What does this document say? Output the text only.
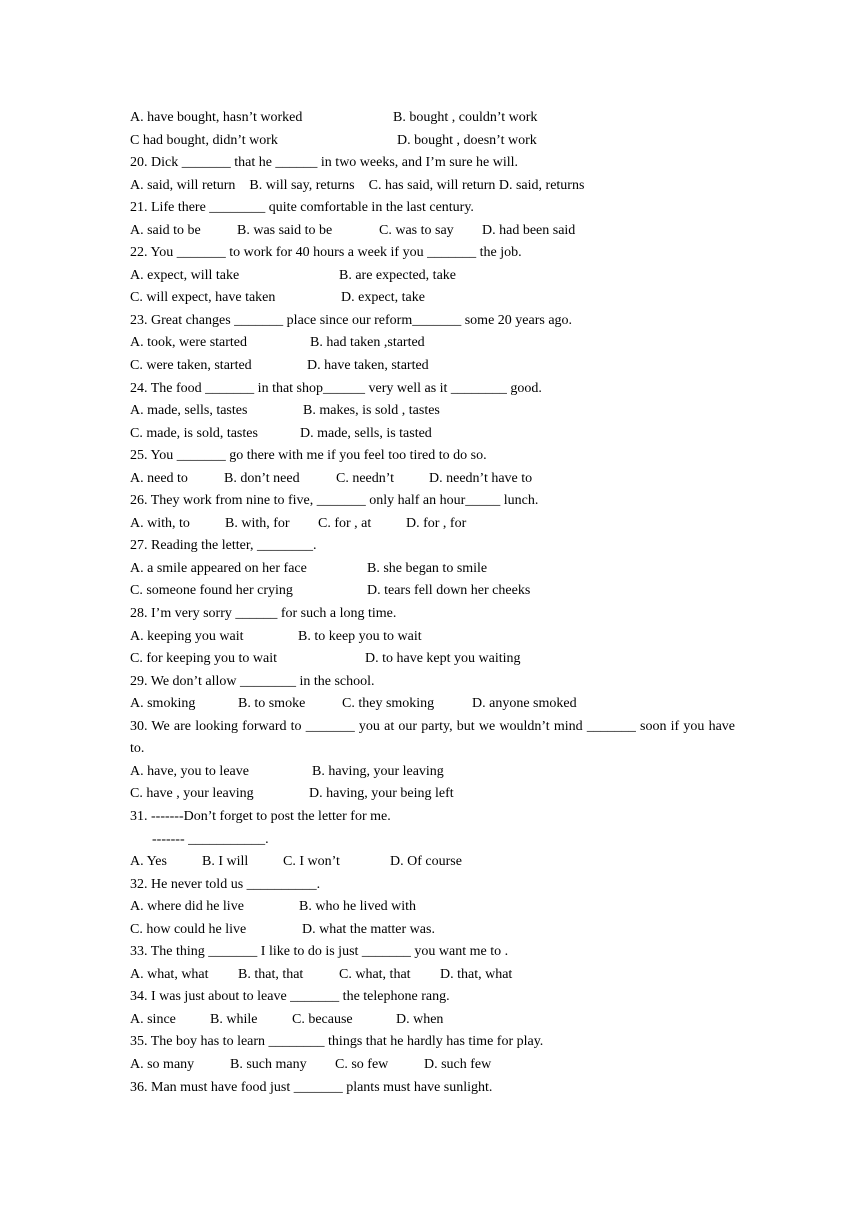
A. have bought, hasn’t worked	B. bought , couldn’t work
C had bought, didn’t work	D. bought , doesn’t work
20. Dick _______ that he ______ in two weeks, and I’m sure he will.
A. said, will return    B. will say, returns    C. has said, will return D. said, returns
21. Life there ________ quite comfortable in the last century.
A. said to be	B. was said to be	C. was to say D. had been said
22. You _______ to work for 40 hours a week if you _______ the job.
A. expect, will take	B. are expected, take
C. will expect, have taken	D. expect, take
23. Great changes _______ place since our reform_______ some 20 years ago.
A. took, were started	B. had taken ,started
C. were taken, started	D. have taken, started
24. The food _______ in that shop______ very well as it ________ good.
A. made, sells, tastes	B. makes, is sold , tastes
C. made, is sold, tastes	D. made, sells, is tasted
25. You _______ go there with me if you feel too tired to do so.
A. need to	B. don’t need	C. needn’t D. needn’t have to
26. They work from nine to five, _______ only half an hour_____ lunch.
A. with, to	B. with, for C. for , at D. for , for
27. Reading the letter, ________.
A. a smile appeared on her face	B. she began to smile
C. someone found her crying	D. tears fell down her cheeks
28. I’m very sorry ______ for such a long time.
A. keeping you wait	B. to keep you to wait
C. for keeping you to wait	D. to have kept you waiting
29. We don’t allow ________ in the school.
A. smoking	B. to smoke	C. they smoking	D. anyone smoked
30. We are looking forward to _______ you at our party, but we wouldn’t mind _______ soon if you have to.
A. have, you to leave	B. having, your leaving
C. have , your leaving	D. having, your being left
31. -------Don’t forget to post the letter for me.
------- ___________.
A. Yes	B. I will C. I won’t	D. Of course
32. He never told us __________.
A. where did he live	B. who he lived with
C. how could he live	D. what the matter was.
33. The thing _______ I like to do is just _______ you want me to .
A. what, what B. that, that	C. what, that D. that, what
34. I was just about to leave _______ the telephone rang.
A. since B. while C. because	D. when
35. The boy has to learn ________ things that he hardly has time for play.
A. so many	B. such many C. so few	D. such few
36. Man must have food just _______ plants must have sunlight.
